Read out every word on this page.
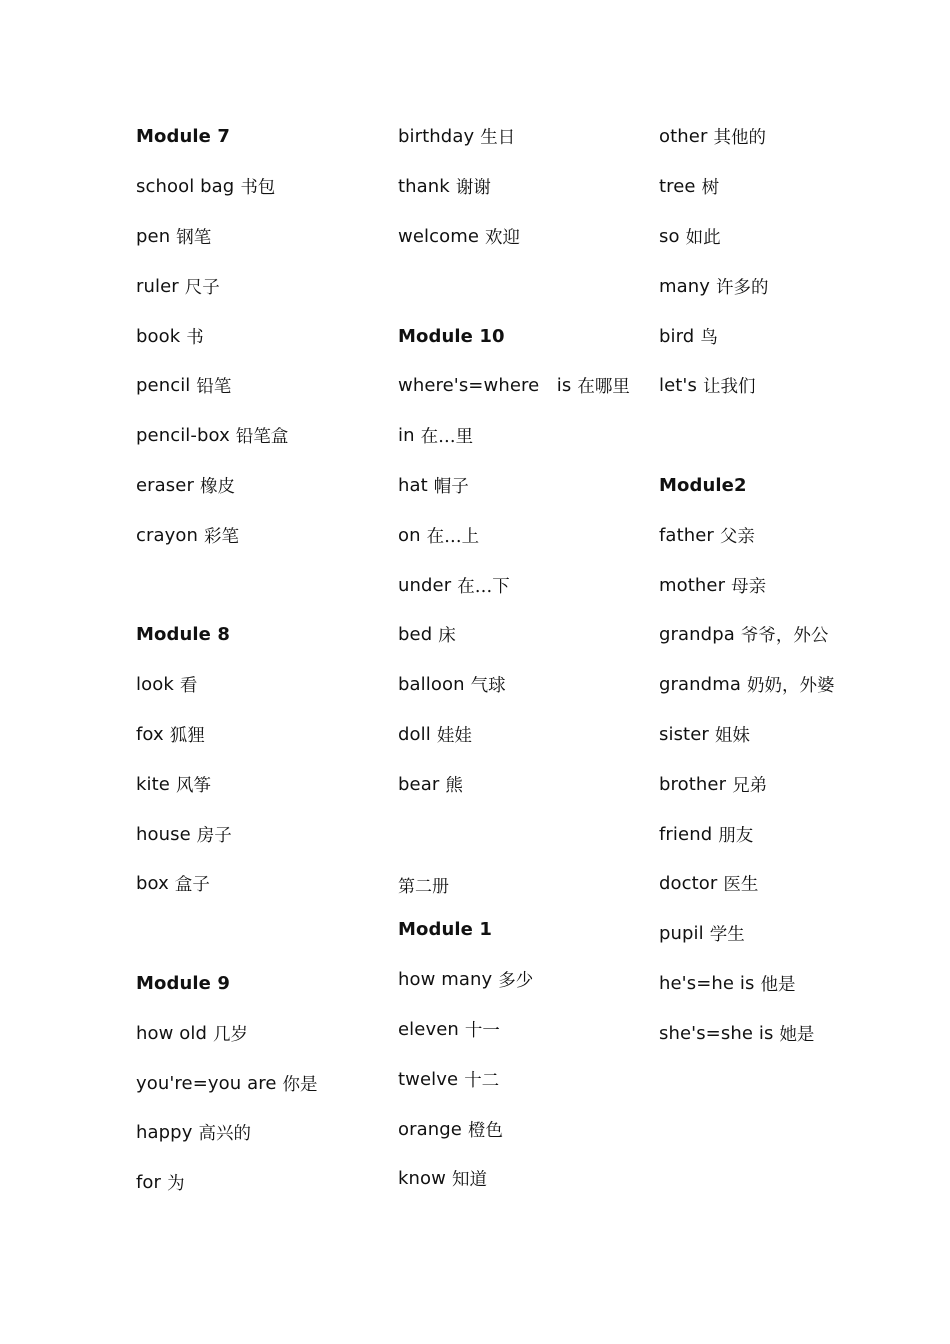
Module 7
school bag 书包
pen 钢笔
ruler 尺子
book 书
pencil 铅笔
pencil-box 铅笔盒
eraser 橡皮
crayon 彩笔
Module 8
look 看
fox 狐狸
kite 风筝
house 房子
box 盒子
Module 9
how old 几岁
you're=you are 你是
happy 高兴的
for 为
birthday 生日
thank 谢谢
welcome 欢迎
Module 10
where's=where   is 在哪里
in 在…里
hat 帽子
on 在…上
under 在…下
bed 床
balloon 气球
doll 娃娃
bear 熊
第二册
Module 1
how many 多少
eleven 十一
twelve 十二
orange 橙色
know 知道
other 其他的
tree 树
so 如此
many 许多的
bird 鸟
let's 让我们
Module2
father 父亲
mother 母亲
grandpa 爷爷，外公
grandma 奶奶，外婆
sister 姐妹
brother 兄弟
friend 朋友
doctor 医生
pupil 学生
he's=he is 他是
she's=she is 她是
